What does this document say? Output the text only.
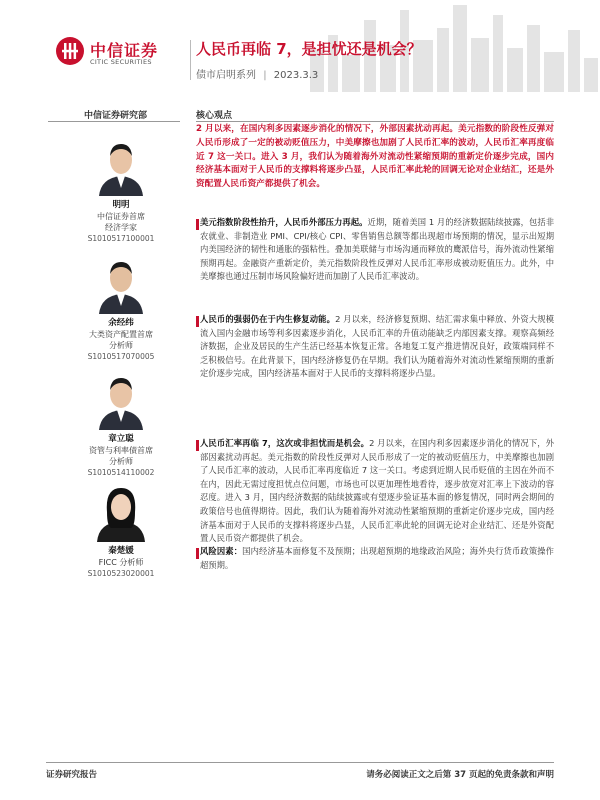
中信证券
CITIC SECURITIES
人民币再临 7，是担忧还是机会？
债市启明系列 | 2023.3.3
中信证券研究部	核心观点
明明
中信证券首席
经济学家
S1010517100001
余经纬
大类资产配置首席
分析师
S1010517070005
章立聪
资管与利率债首席
分析师
S1010514110002
秦楚媛
FICC 分析师
S1010523020001
2 月以来，在国内利多因素逐步消化的情况下，外部因素扰动再起。美元指数的阶段性反弹对人民币形成了一定的被动贬值压力，中美摩擦也加剧了人民币汇率的波动，人民币汇率再度临近 7 这一关口。进入 3 月，我们认为随着海外对流动性紧缩预期的重新定价逐步完成，国内经济基本面对于人民币的支撑料将逐步凸显，人民币汇率此轮的回调无论对企业结汇，还是外资配置人民币资产都提供了机会。
美元指数阶段性抬升，人民币外部压力再起。近期，随着美国 1 月的经济数据陆续披露，包括非农就业、非制造业 PMI、CPI/核心 CPI、零售销售总额等都出现超市场预期的情况，显示出短期内美国经济的韧性和通胀的强粘性。叠加美联储与市场沟通而释放的鹰派信号，海外流动性紧缩预期再起。金融资产重新定价，美元指数阶段性反弹对人民币汇率形成被动贬值压力。此外，中美摩擦也通过压制市场风险偏好进而加剧了人民币汇率波动。
人民币的强弱仍在于内生修复动能。2 月以来，经济修复预期、结汇需求集中释放、外资大规模流入国内金融市场等利多因素逐步消化，人民币汇率的升值动能缺乏内部因素支撑。观察高频经济数据，企业及居民的生产生活已经基本恢复正常。各地复工复产推进情况良好，政策端同样不乏积极信号。在此背景下，国内经济修复仍在早期。我们认为随着海外对流动性紧缩预期的重新定价逐步完成，国内经济基本面对于人民币的支撑料将逐步凸显。
人民币汇率再临 7，这次或非担忧而是机会。2 月以来，在国内利多因素逐步消化的情况下，外部因素扰动再起。美元指数的阶段性反弹对人民币形成了一定的被动贬值压力，中美摩擦也加剧了人民币汇率的波动，人民币汇率再度临近 7 这一关口。考虑到近期人民币贬值的主因在外而不在内，因此无需过度担忧点位问题，市场也可以更加理性地看待，逐步放宽对汇率上下波动的容忍度。进入 3 月，国内经济数据的陆续披露或有望逐步验证基本面的修复情况，同时两会期间的政策信号也值得期待。因此，我们认为随着海外对流动性紧缩预期的重新定价逐步完成，国内经济基本面对于人民币的支撑料将逐步凸显，人民币汇率此轮的回调无论对企业结汇、还是外资配置人民币资产都提供了机会。
风险因素：国内经济基本面修复不及预期；出现超预期的地缘政治风险；海外央行货币政策操作超预期。
证券研究报告	请务必阅读正文之后第 37 页起的免责条款和声明
